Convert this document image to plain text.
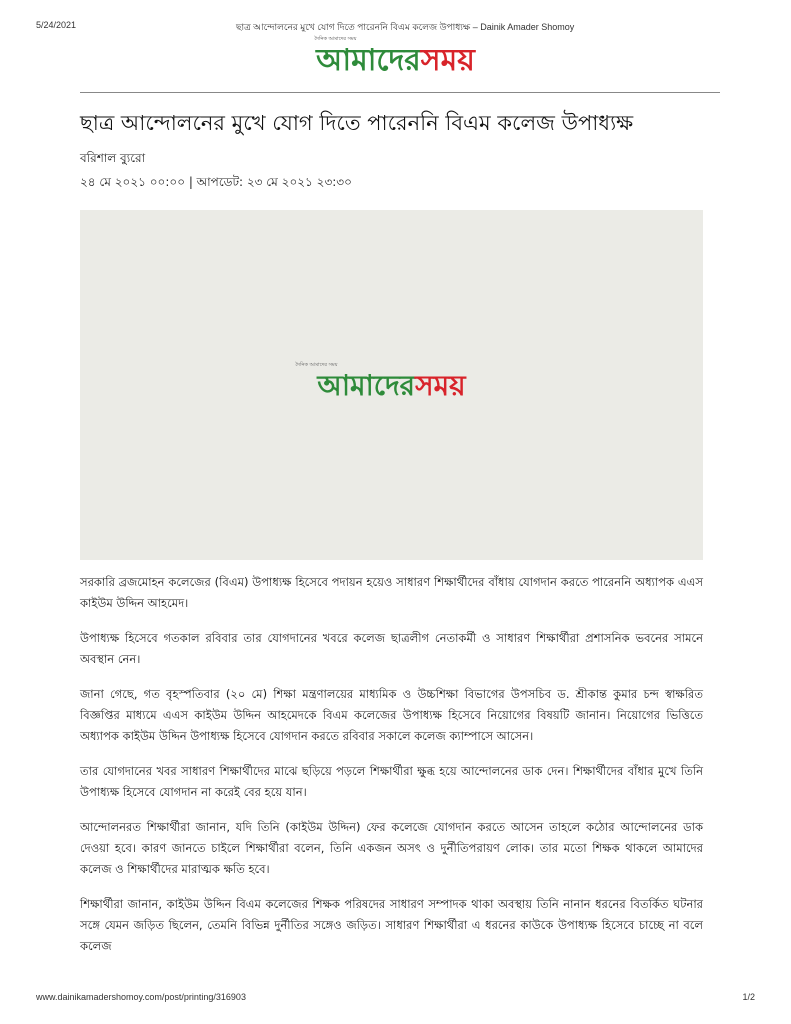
5/24/2021	ছাত্র আন্দোলনের মুখে যোগ দিতে পারেননি বিএম কলেজ উপাধ্যক্ষ – Dainik Amader Shomoy
দৈনিক আমাদের সময়
আমাদেরসময়
ছাত্র আন্দোলনের মুখে যোগ দিতে পারেননি বিএম কলেজ উপাধ্যক্ষ
বরিশাল ব্যুরো
২৪ মে ২০২১ ০০:০০ | আপডেট: ২৩ মে ২০২১ ২৩:৩০
দৈনিক আমাদের সময়
আমাদেরসময়

সরকারি ব্রজমোহন কলেজের (বিএম) উপাধ্যক্ষ হিসেবে পদায়ন হয়েও সাধারণ শিক্ষার্থীদের বাঁধায় যোগদান করতে পারেননি অধ্যাপক এএস কাইউম উদ্দিন আহমেদ।

উপাধ্যক্ষ হিসেবে গতকাল রবিবার তার যোগদানের খবরে কলেজ ছাত্রলীগ নেতাকর্মী ও সাধারণ শিক্ষার্থীরা প্রশাসনিক ভবনের সামনে অবস্থান নেন।

জানা গেছে, গত বৃহস্পতিবার (২০ মে) শিক্ষা মন্ত্রণালয়ের মাধ্যমিক ও উচ্চশিক্ষা বিভাগের উপসচিব ড. শ্রীকান্ত কুমার চন্দ স্বাক্ষরিত বিজ্ঞপ্তির মাধ্যমে এএস কাইউম উদ্দিন আহমেদকে বিএম কলেজের উপাধ্যক্ষ হিসেবে নিয়োগের বিষয়টি জানান। নিয়োগের ভিত্তিতে অধ্যাপক কাইউম উদ্দিন উপাধ্যক্ষ হিসেবে যোগদান করতে রবিবার সকালে কলেজ ক্যাম্পাসে আসেন।

তার যোগদানের খবর সাধারণ শিক্ষার্থীদের মাঝে ছড়িয়ে পড়লে শিক্ষার্থীরা ক্ষুব্ধ হয়ে আন্দোলনের ডাক দেন। শিক্ষার্থীদের বাঁধার মুখে তিনি উপাধ্যক্ষ হিসেবে যোগদান না করেই বের হয়ে যান।

আন্দোলনরত শিক্ষার্থীরা জানান, যদি তিনি (কাইউম উদ্দিন) ফের কলেজে যোগদান করতে আসেন তাহলে কঠোর আন্দোলনের ডাক দেওয়া হবে। কারণ জানতে চাইলে শিক্ষার্থীরা বলেন, তিনি একজন অসৎ ও দুর্নীতিপরায়ণ লোক। তার মতো শিক্ষক থাকলে আমাদের কলেজ ও শিক্ষার্থীদের মারাত্মক ক্ষতি হবে।

শিক্ষার্থীরা জানান, কাইউম উদ্দিন বিএম কলেজের শিক্ষক পরিষদের সাধারণ সম্পাদক থাকা অবস্থায় তিনি নানান ধরনের বিতর্কিত ঘটনার সঙ্গে যেমন জড়িত ছিলেন, তেমনি বিভিন্ন দুর্নীতির সঙ্গেও জড়িত। সাধারণ শিক্ষার্থীরা এ ধরনের কাউকে উপাধ্যক্ষ হিসেবে চাচ্ছে না বলে কলেজ

www.dainikamadershomoy.com/post/printing/316903	1/2
